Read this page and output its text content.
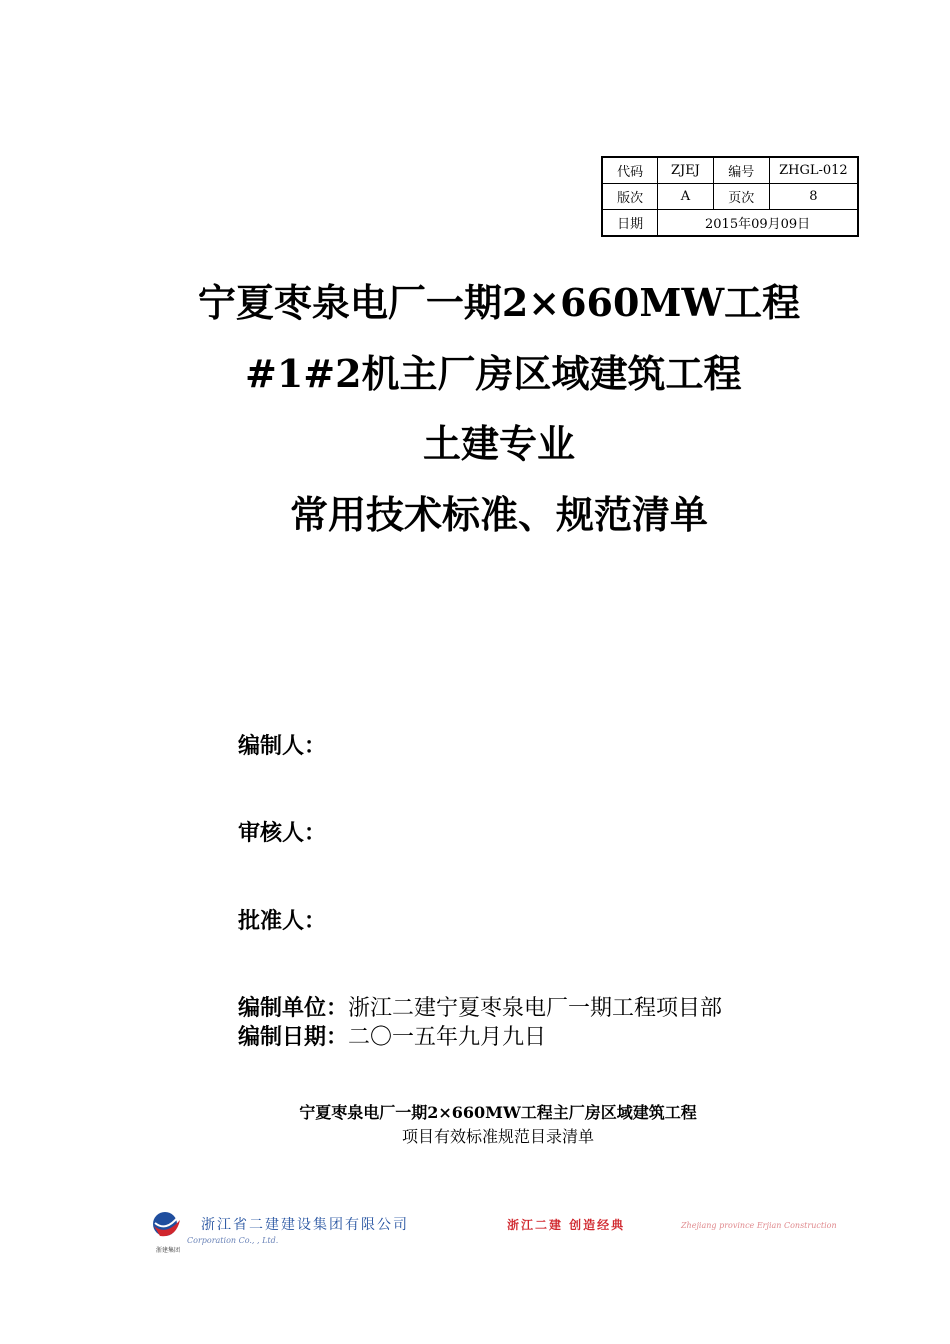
代码	ZJEJ	编号	ZHGL-012
版次	A	页次	8
日期	2015年09月09日		
宁夏枣泉电厂一期2×660MW工程
#1#2机主厂房区域建筑工程
土建专业
常用技术标准、规范清单
编制人：
审核人：
批准人：
编制单位：浙江二建宁夏枣泉电厂一期工程项目部
编制日期：二〇一五年九月九日
宁夏枣泉电厂一期2×660MW工程主厂房区域建筑工程
项目有效标准规范目录清单
浙建集团
浙江省二建建设集团有限公司
Corporation Co., , Ltd.
浙江二建 创造经典	Zhejiang province Erjian Construction
